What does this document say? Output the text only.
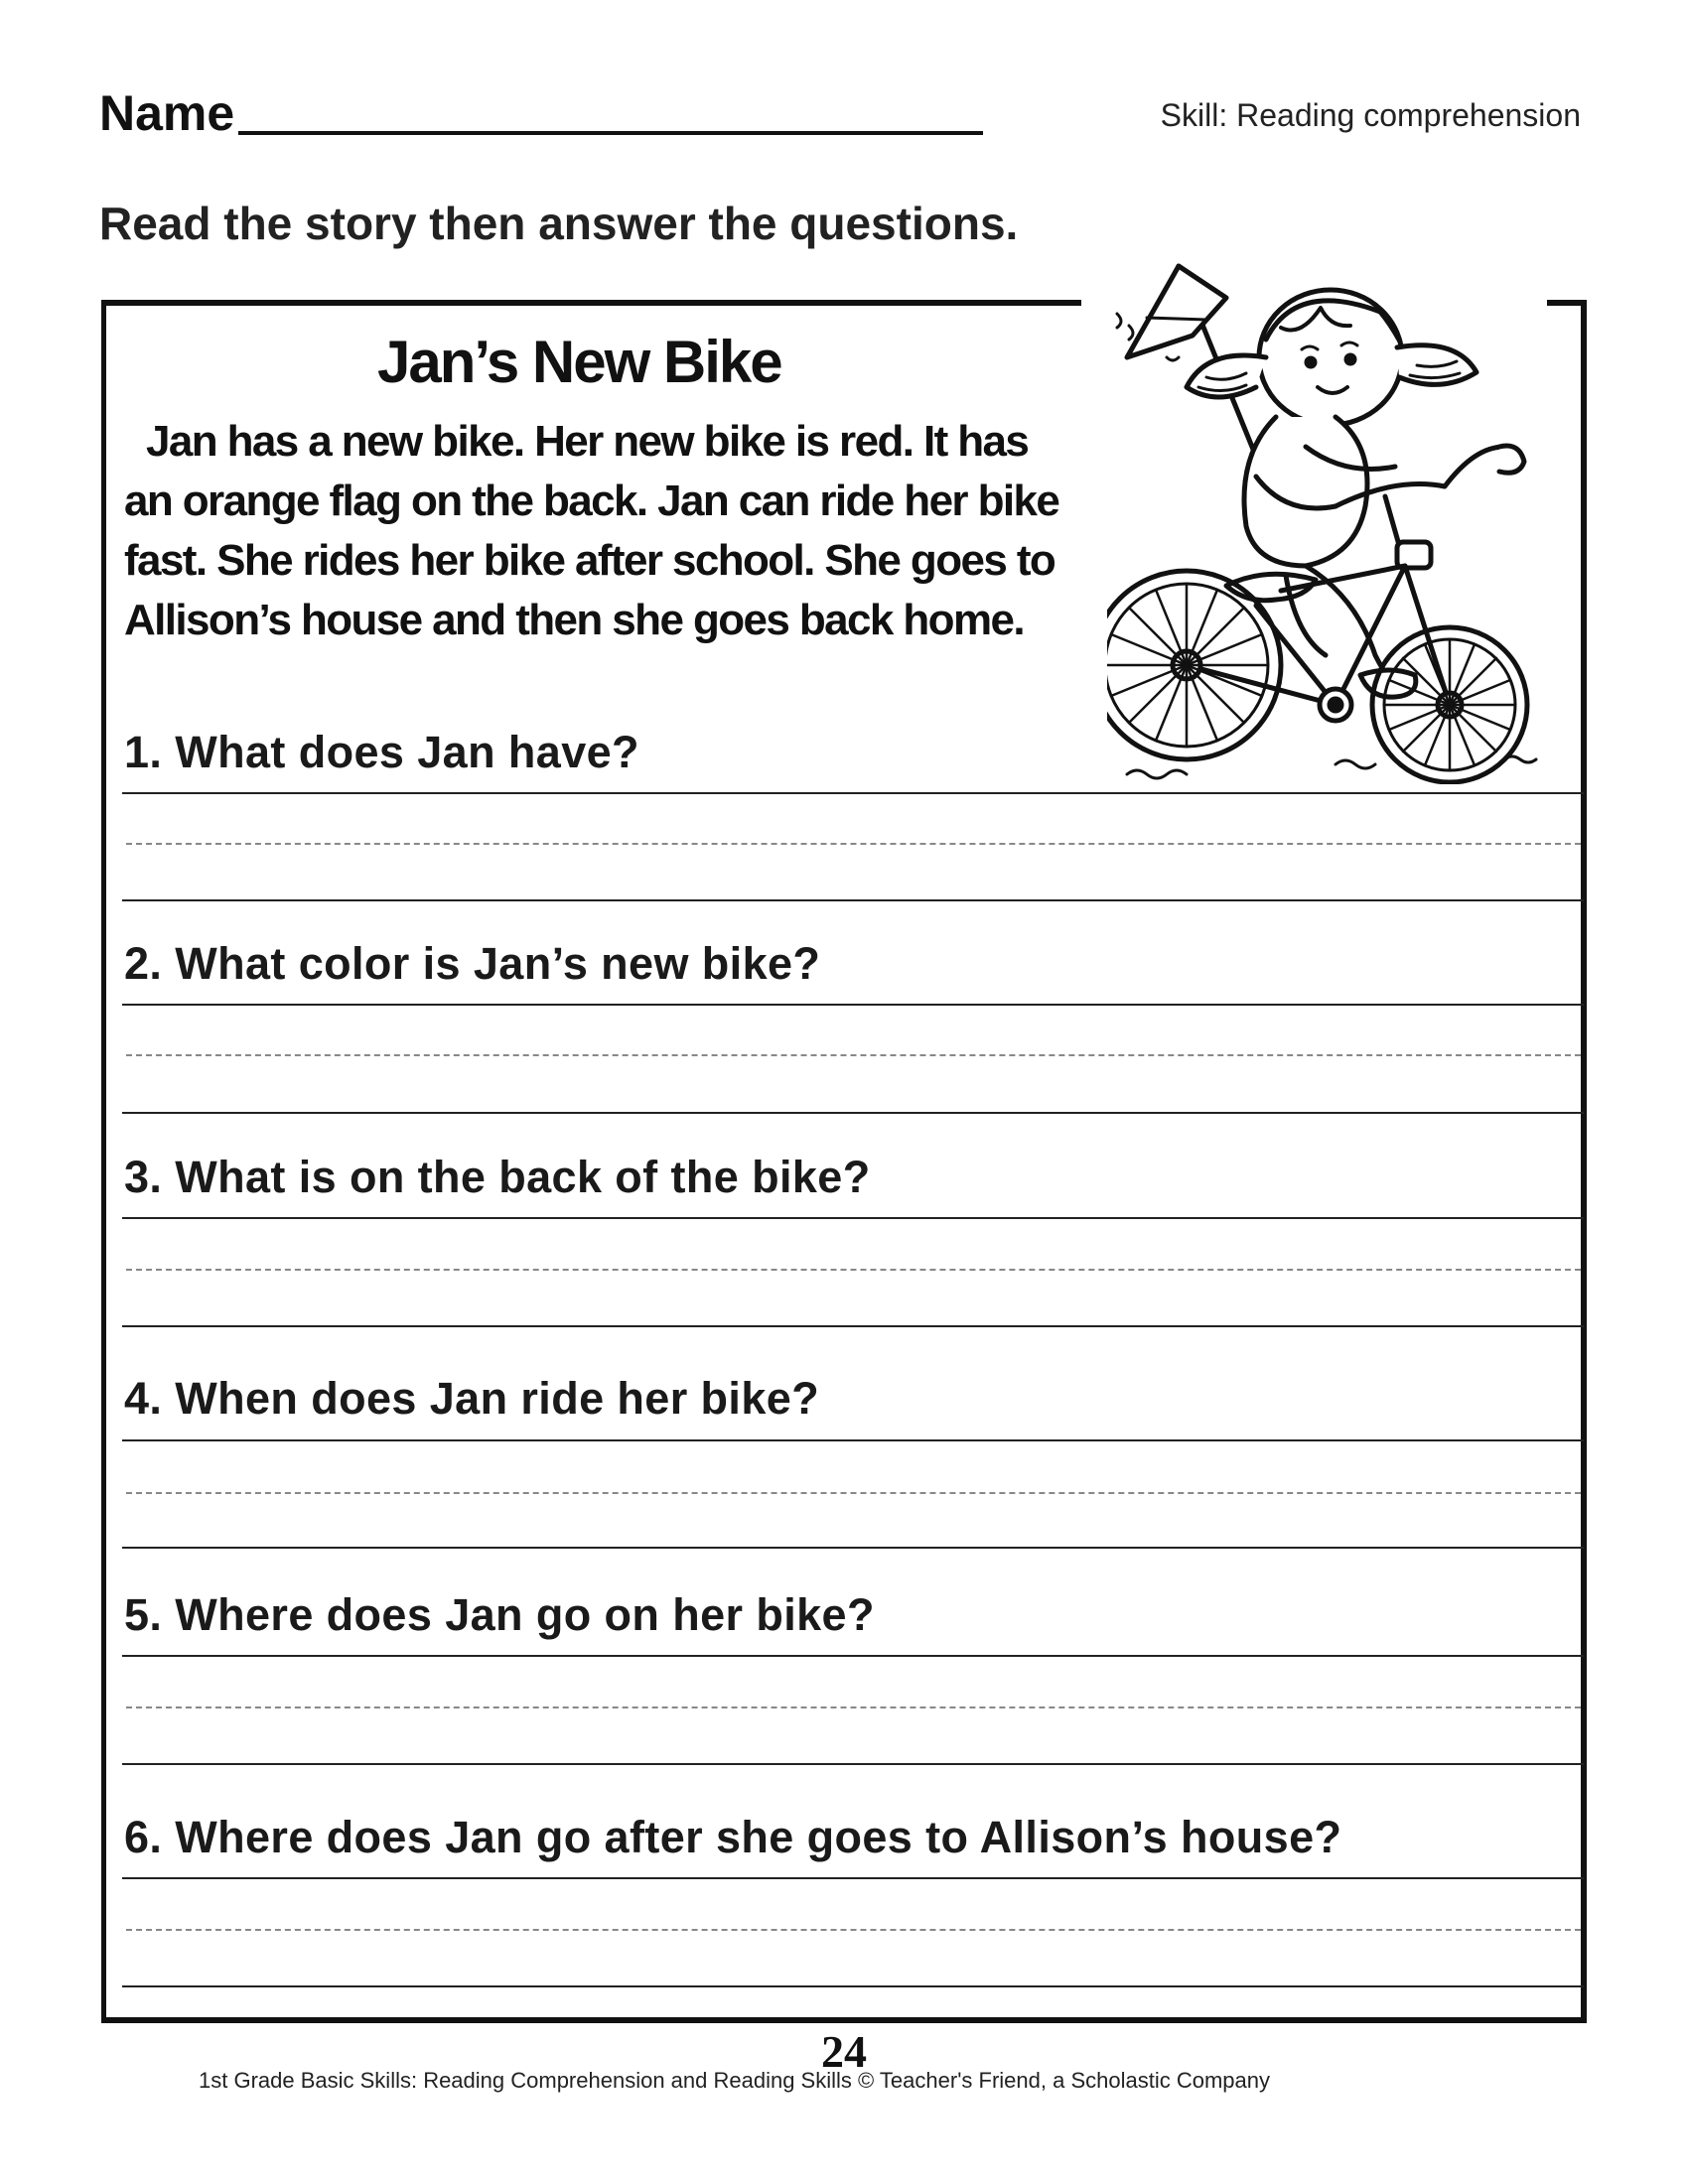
Name	Skill: Reading comprehension
Read the story then answer the questions.
Jan’s New Bike
Jan has a new bike. Her new bike is red. It has an orange flag on the back. Jan can ride her bike fast. She rides her bike after school. She goes to Allison’s house and then she goes back home.
1. What does Jan have?
2. What color is Jan’s new bike?
3. What is on the back of the bike?
4. When does Jan ride her bike?
5. Where does Jan go on her bike?
6. Where does Jan go after she goes to Allison’s house?
24
1st Grade Basic Skills: Reading Comprehension and Reading Skills © Teacher's Friend, a Scholastic Company
